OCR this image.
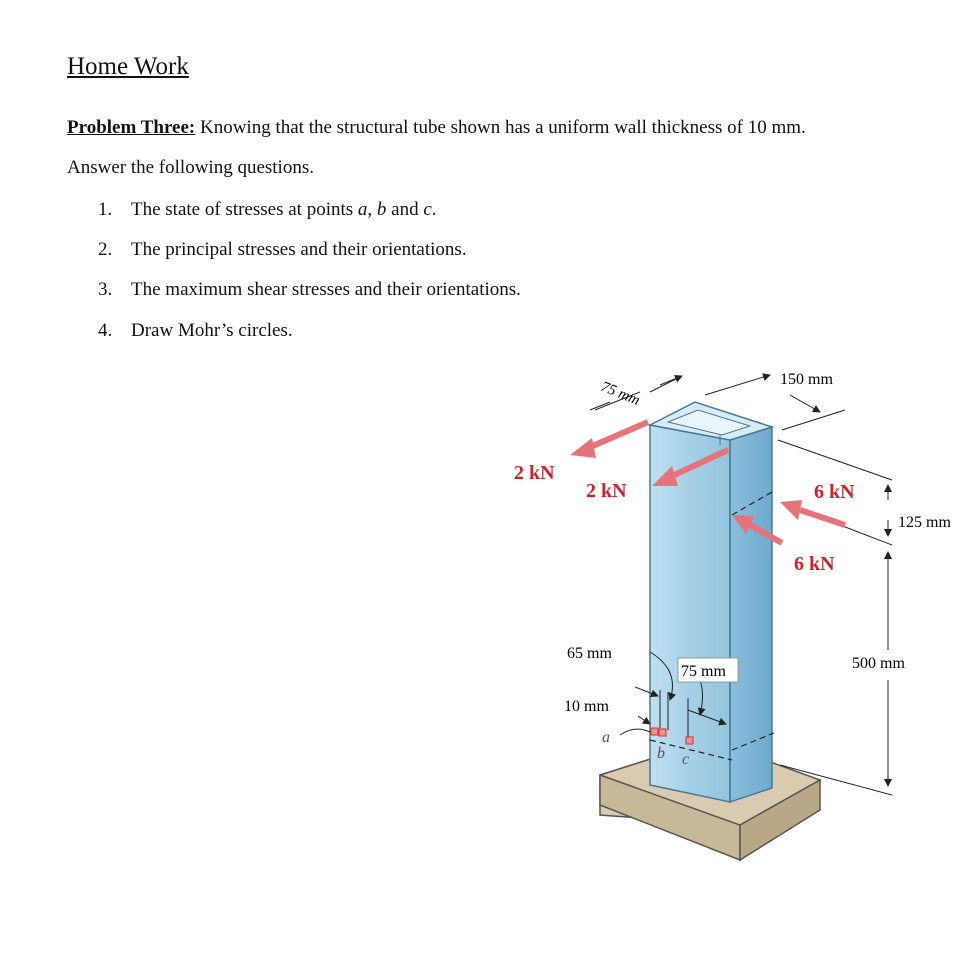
Home Work
Problem Three: Knowing that the structural tube shown has a uniform wall thickness of 10 mm.
Answer the following questions.
1. The state of stresses at points a, b and c.
2. The principal stresses and their orientations.
3. The maximum shear stresses and their orientations.
4. Draw Mohr’s circles.
75 mm	150 mm
125 mm
500 mm
65 mm
75 mm
10 mm
2 kN
2 kN	6 kN
6 kN
a
b c
